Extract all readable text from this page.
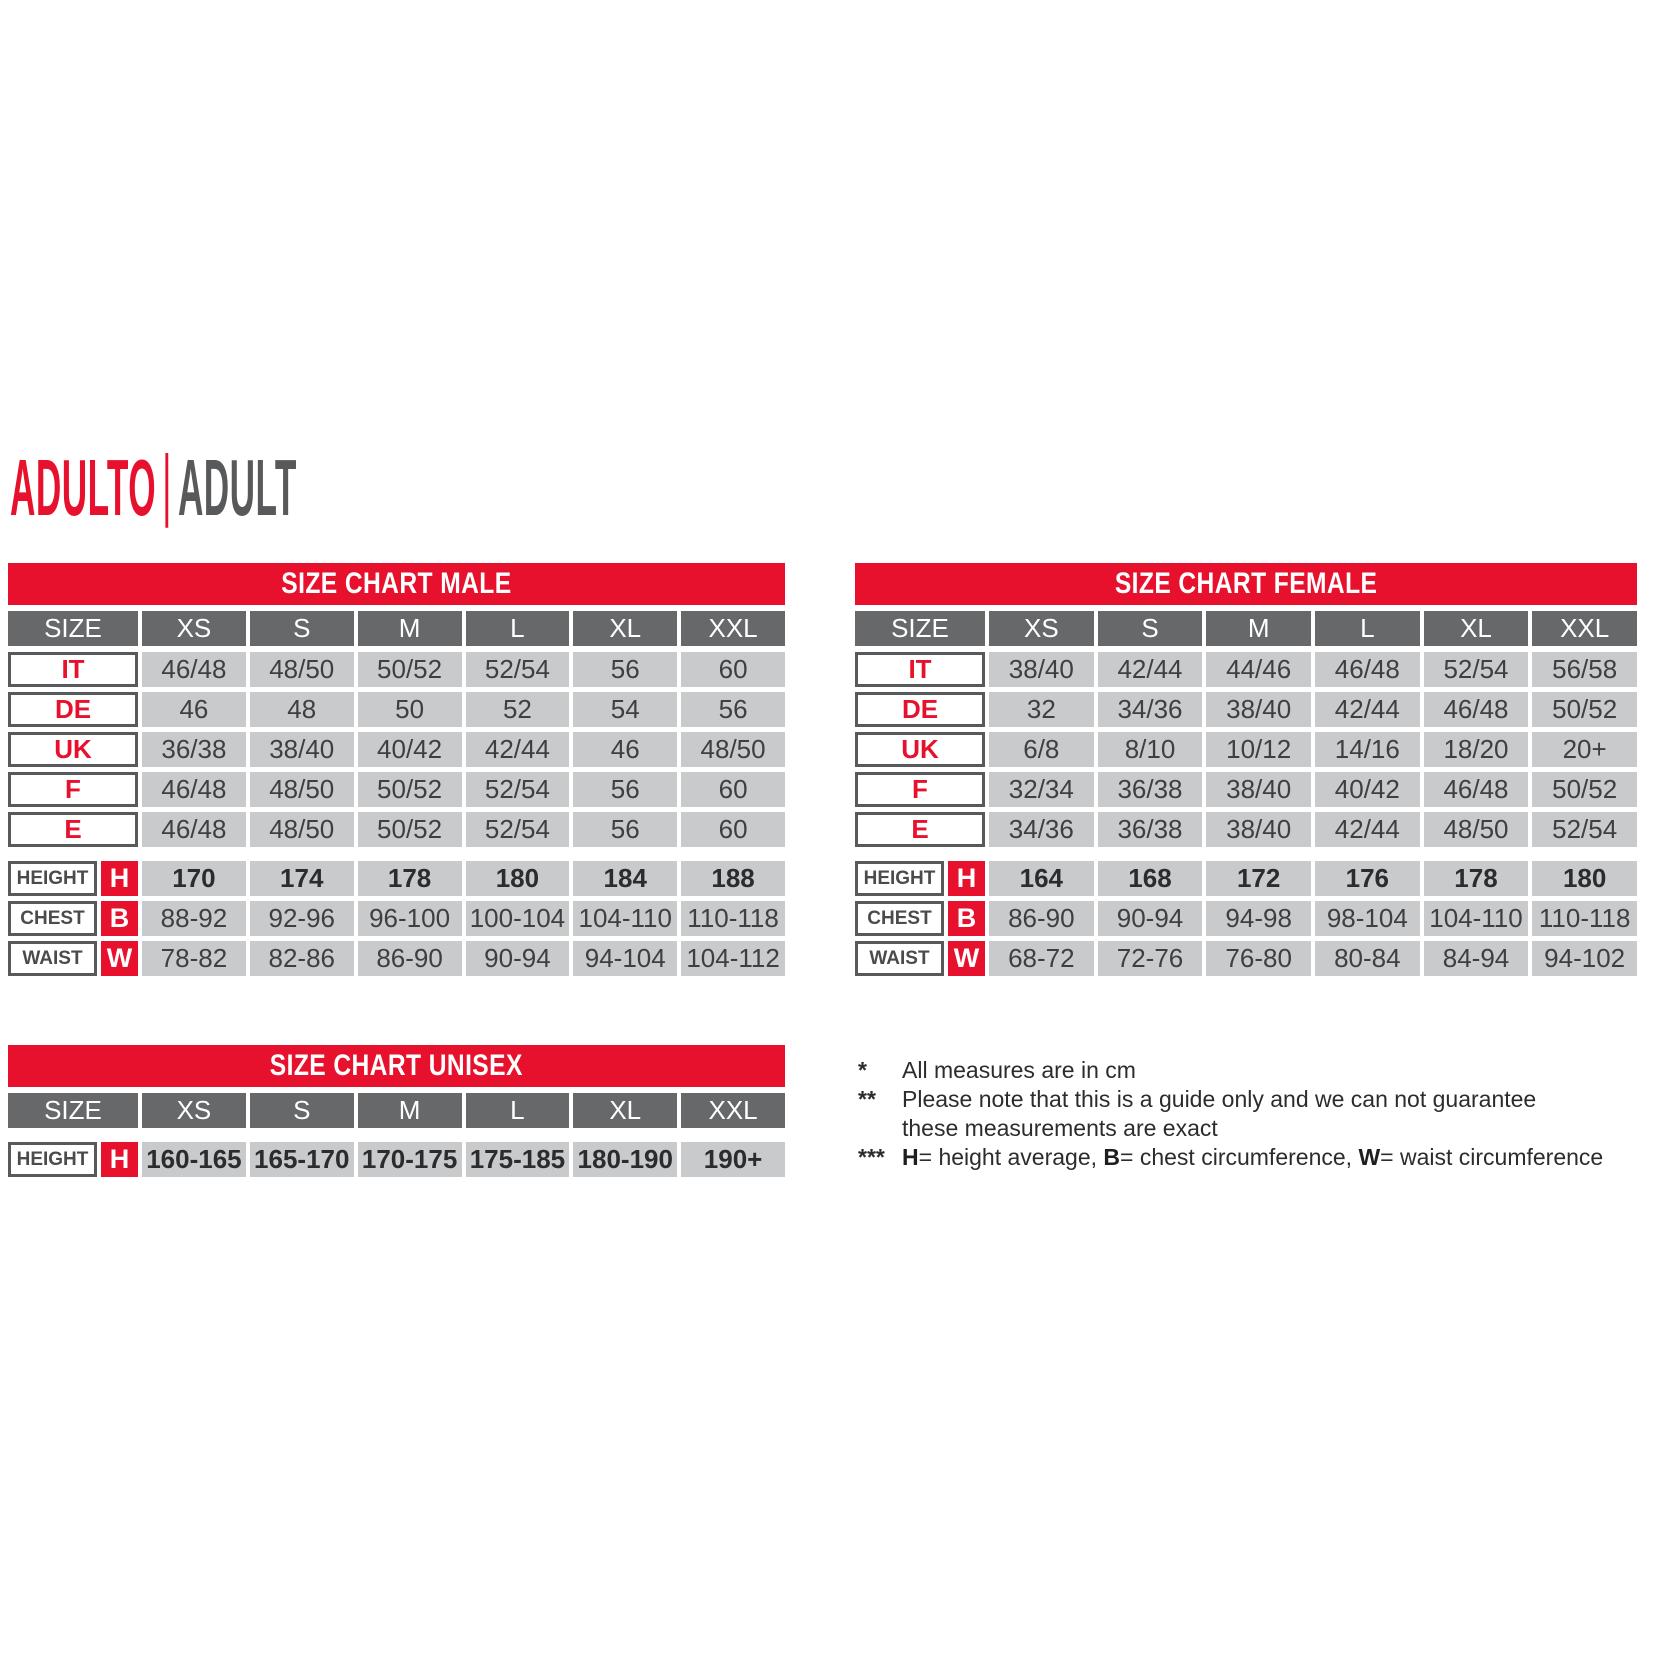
ADULTO | ADULT
SIZE CHART MALE
SIZE	XS	S	M	L	XL	XXL
IT	46/48	48/50	50/52	52/54	56	60
DE	46	48	50	52	54	56
UK	36/38	38/40	40/42	42/44	46	48/50
F	46/48	48/50	50/52	52/54	56	60
E	46/48	48/50	50/52	52/54	56	60
HEIGHT H	170	174	178	180	184	188
CHEST B	88-92	92-96	96-100 100-104 104-110 110-118
WAIST W	78-82	82-86	86-90	90-94	94-104 104-112
SIZE CHART FEMALE
SIZE	XS	S	M	L	XL	XXL
IT	38/40	42/44	44/46	46/48	52/54	56/58
DE	32	34/36	38/40	42/44	46/48	50/52
UK	6/8	8/10	10/12	14/16	18/20	20+
F	32/34	36/38	38/40	40/42	46/48	50/52
E	34/36	36/38	38/40	42/44	48/50	52/54
HEIGHT H	164	168	172	176	178	180
CHEST B	86-90	90-94	94-98	98-104 104-110 110-118
WAIST W	68-72	72-76	76-80	80-84	84-94	94-102
SIZE CHART UNISEX
SIZE	XS	S	M	L	XL	XXL
HEIGHT H 160-165 165-170 170-175 175-185 180-190	190+
*	All measures are in cm
**	Please note that this is a guide only and we can not guarantee
these measurements are exact
*** H= height average, B= chest circumference, W= waist circumference
